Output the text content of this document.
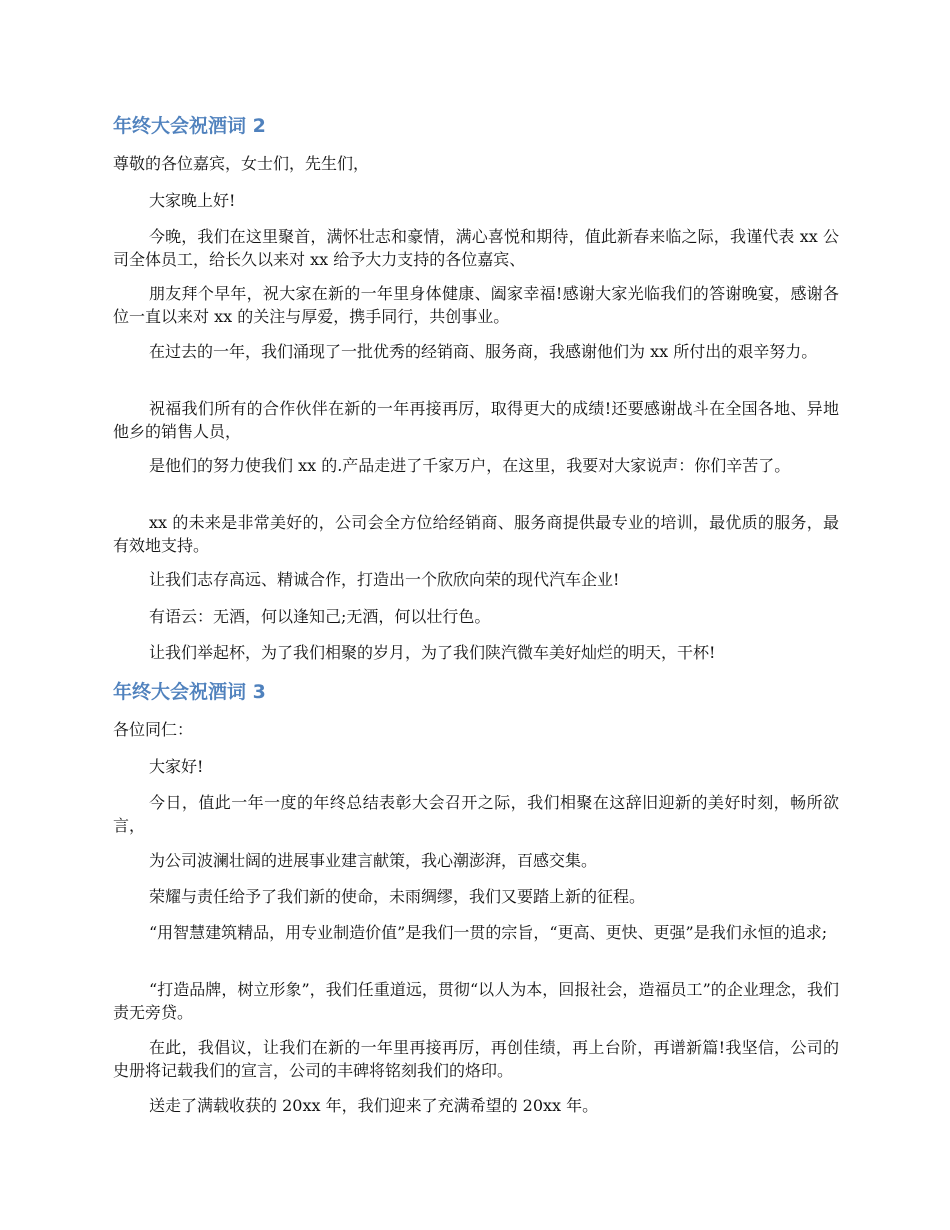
年终大会祝酒词 2

尊敬的各位嘉宾，女士们，先生们，

大家晚上好!

今晚，我们在这里聚首，满怀壮志和豪情，满心喜悦和期待，值此新春来临之际，我谨代表 xx 公司全体员工，给长久以来对 xx 给予大力支持的各位嘉宾、

朋友拜个早年，祝大家在新的一年里身体健康、阖家幸福!感谢大家光临我们的答谢晚宴，感谢各位一直以来对 xx 的关注与厚爱，携手同行，共创事业。

在过去的一年，我们涌现了一批优秀的经销商、服务商，我感谢他们为 xx 所付出的艰辛努力。

祝福我们所有的合作伙伴在新的一年再接再厉，取得更大的成绩!还要感谢战斗在全国各地、异地他乡的销售人员，

是他们的努力使我们 xx 的.产品走进了千家万户，在这里，我要对大家说声：你们辛苦了。

xx 的未来是非常美好的，公司会全方位给经销商、服务商提供最专业的培训，最优质的服务，最有效地支持。

让我们志存高远、精诚合作，打造出一个欣欣向荣的现代汽车企业!

有语云：无酒，何以逢知己;无酒，何以壮行色。

让我们举起杯，为了我们相聚的岁月，为了我们陕汽微车美好灿烂的明天，干杯!

年终大会祝酒词 3

各位同仁：

大家好!

今日，值此一年一度的年终总结表彰大会召开之际，我们相聚在这辞旧迎新的美好时刻，畅所欲言，

为公司波澜壮阔的进展事业建言献策，我心潮澎湃，百感交集。

荣耀与责任给予了我们新的使命，未雨绸缪，我们又要踏上新的征程。

“用智慧建筑精品，用专业制造价值”是我们一贯的宗旨，“更高、更快、更强”是我们永恒的追求;

“打造品牌，树立形象”，我们任重道远，贯彻“以人为本，回报社会，造福员工”的企业理念，我们责无旁贷。

在此，我倡议，让我们在新的一年里再接再厉，再创佳绩，再上台阶，再谱新篇!我坚信，公司的史册将记载我们的宣言，公司的丰碑将铭刻我们的烙印。

送走了满载收获的 20xx 年，我们迎来了充满希望的 20xx 年。
